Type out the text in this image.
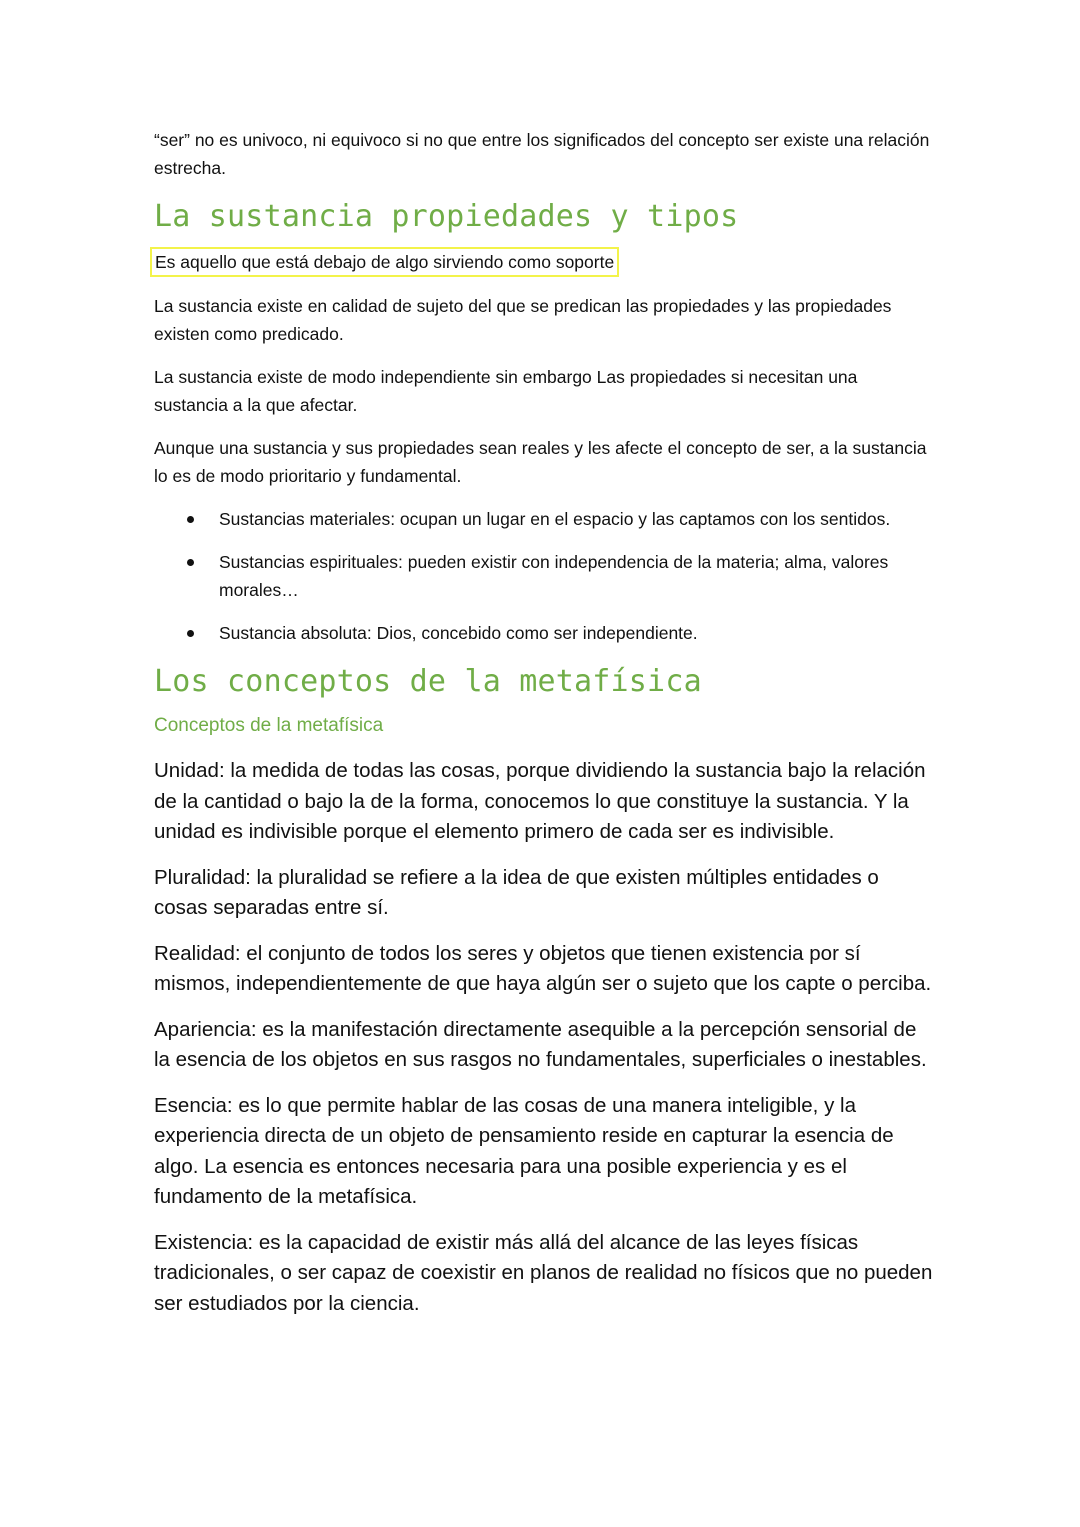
“ser” no es univoco, ni equivoco si no que entre los significados del concepto ser existe una relación estrecha.

La sustancia propiedades y tipos

Es aquello que está debajo de algo sirviendo como soporte

La sustancia existe en calidad de sujeto del que se predican las propiedades y las propiedades existen como predicado.

La sustancia existe de modo independiente sin embargo Las propiedades si necesitan una sustancia a la que afectar.

Aunque una sustancia y sus propiedades sean reales y les afecte el concepto de ser, a la sustancia lo es de modo prioritario y fundamental.

Sustancias materiales: ocupan un lugar en el espacio y las captamos con los sentidos.
Sustancias espirituales: pueden existir con independencia de la materia; alma, valores morales…
Sustancia absoluta: Dios, concebido como ser independiente.
Los conceptos de la metafísica
Conceptos de la metafísica

Unidad: la medida de todas las cosas, porque dividiendo la sustancia bajo la relación de la cantidad o bajo la de la forma, conocemos lo que constituye la sustancia. Y la unidad es indivisible porque el elemento primero de cada ser es indivisible.

Pluralidad: la pluralidad se refiere a la idea de que existen múltiples entidades o cosas separadas entre sí.

Realidad: el conjunto de todos los seres y objetos que tienen existencia por sí mismos, independientemente de que haya algún ser o sujeto que los capte o perciba.

Apariencia: es la manifestación directamente asequible a la percepción sensorial de la esencia de los objetos en sus rasgos no fundamentales, superficiales o inestables.

Esencia: es lo que permite hablar de las cosas de una manera inteligible, y la experiencia directa de un objeto de pensamiento reside en capturar la esencia de algo. La esencia es entonces necesaria para una posible experiencia y es el fundamento de la metafísica.

Existencia: es la capacidad de existir más allá del alcance de las leyes físicas tradicionales, o ser capaz de coexistir en planos de realidad no físicos que no pueden ser estudiados por la ciencia.
